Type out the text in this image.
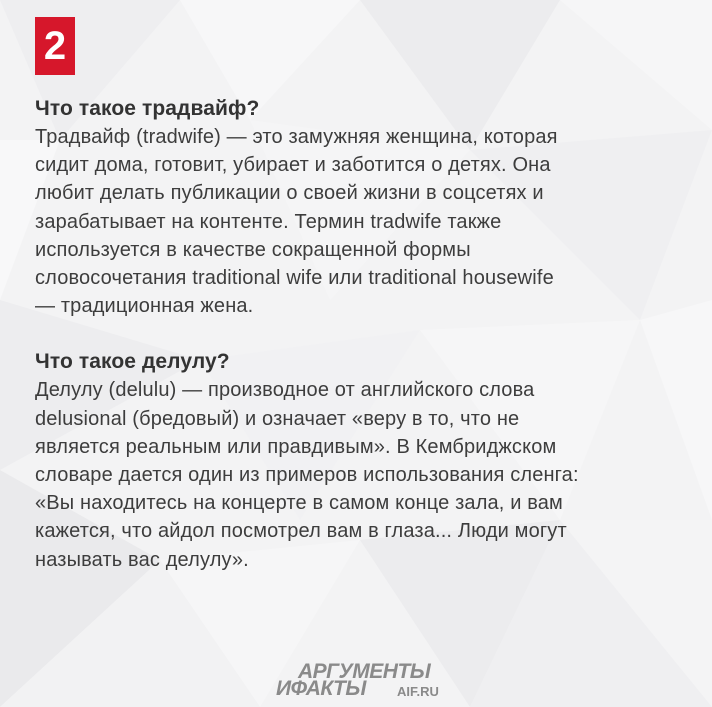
2

Что такое традвайф?

Традвайф (tradwife) — это замужняя женщина, которая
сидит дома, готовит, убирает и заботится о детях. Она
любит делать публикации о своей жизни в соцсетях и
зарабатывает на контенте. Термин tradwife также
используется в качестве сокращенной формы
словосочетания traditional wife или traditional housewife
— традиционная жена.

Что такое делулу?

Делулу (delulu) — производное от английского слова
delusional (бредовый) и означает «веру в то, что не
является реальным или правдивым». В Кембриджском
словаре дается один из примеров использования сленга:
«Вы находитесь на концерте в самом конце зала, и вам
кажется, что айдол посмотрел вам в глаза... Люди могут
называть вас делулу».

АРГУМЕНТЫ
ИФАКТЫ AIF.RU
